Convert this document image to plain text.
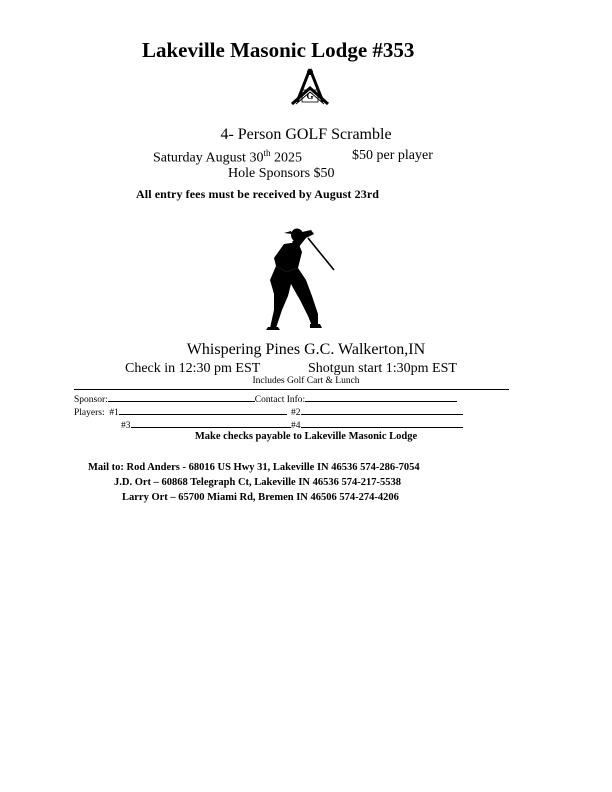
Lakeville Masonic Lodge #353
G
4- Person GOLF Scramble
Saturday August 30th 2025	$50 per player
Hole Sponsors $50
All entry fees must be received by August 23rd
Whispering Pines G.C. Walkerton,IN
Check in 12:30 pm EST	Shotgun start 1:30pm EST
Includes Golf Cart & Lunch
Sponsor:	Contact Info:
Players: #1	#2
#3	#4
Make checks payable to Lakeville Masonic Lodge
Mail to: Rod Anders - 68016 US Hwy 31, Lakeville IN 46536 574-286-7054
J.D. Ort – 60868 Telegraph Ct, Lakeville IN 46536 574-217-5538
Larry Ort – 65700 Miami Rd, Bremen IN 46506 574-274-4206
